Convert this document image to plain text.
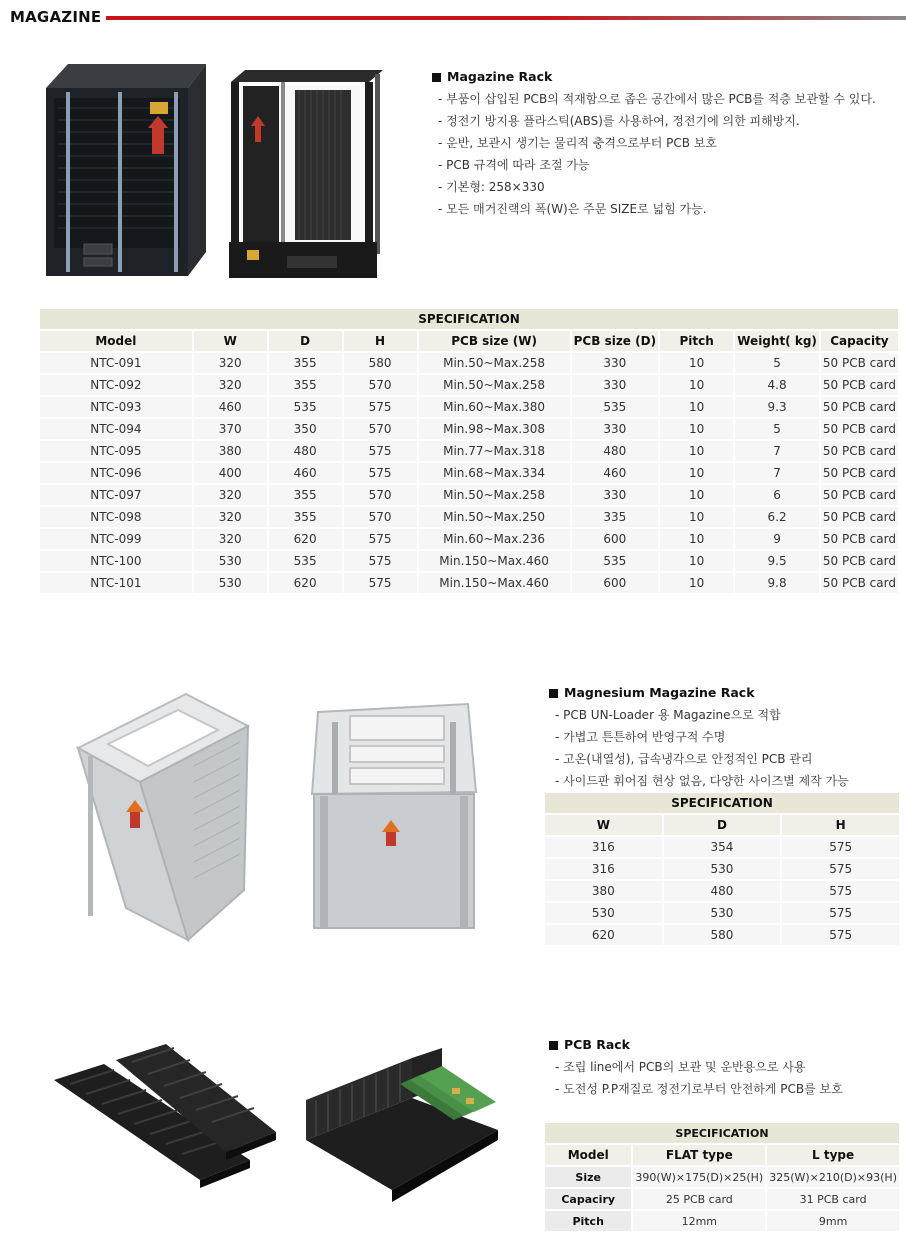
MAGAZINE
Magazine Rack
- 부품이 삽입된 PCB의 적재함으로 좁은 공간에서 많은 PCB를 적층 보관할 수 있다.
- 정전기 방지용 플라스틱(ABS)를 사용하여, 정전기에 의한 피해방지.
- 운반, 보관시 생기는 물리적 충격으로부터 PCB 보호
- PCB 규격에 따라 조절 가능
- 기본형: 258×330
- 모든 매거진랙의 폭(W)은 주문 SIZE로 넓힘 가능.
SPECIFICATION								
Model	W	D	H	PCB size (W)	PCB size (D)	Pitch	Weight( kg)	Capacity
NTC-091	320	355	580	Min.50~Max.258	330	10	5	50 PCB card
NTC-092	320	355	570	Min.50~Max.258	330	10	4.8	50 PCB card
NTC-093	460	535	575	Min.60~Max.380	535	10	9.3	50 PCB card
NTC-094	370	350	570	Min.98~Max.308	330	10	5	50 PCB card
NTC-095	380	480	575	Min.77~Max.318	480	10	7	50 PCB card
NTC-096	400	460	575	Min.68~Max.334	460	10	7	50 PCB card
NTC-097	320	355	570	Min.50~Max.258	330	10	6	50 PCB card
NTC-098	320	355	570	Min.50~Max.250	335	10	6.2	50 PCB card
NTC-099	320	620	575	Min.60~Max.236	600	10	9	50 PCB card
NTC-100	530	535	575	Min.150~Max.460	535	10	9.5	50 PCB card
NTC-101	530	620	575	Min.150~Max.460	600	10	9.8	50 PCB card
Magnesium Magazine Rack
- PCB UN-Loader 용 Magazine으로 적합
- 가볍고 튼튼하여 반영구적 수명
- 고온(내열성), 급속냉각으로 안정적인 PCB 관리
- 사이드판 휘어짐 현상 없음, 다양한 사이즈별 제작 가능
SPECIFICATION		
W	D	H
316	354	575
316	530	575
380	480	575
530	530	575
620	580	575
PCB Rack
- 조립 line에서 PCB의 보관 및 운반용으로 사용
- 도전성 P.P재질로 정전기로부터 안전하게 PCB를 보호
SPECIFICATION		
Model	FLAT type	L type
Size	390(W)×175(D)×25(H)	325(W)×210(D)×93(H)
Capaciry	25 PCB card	31 PCB card
Pitch	12mm	9mm
